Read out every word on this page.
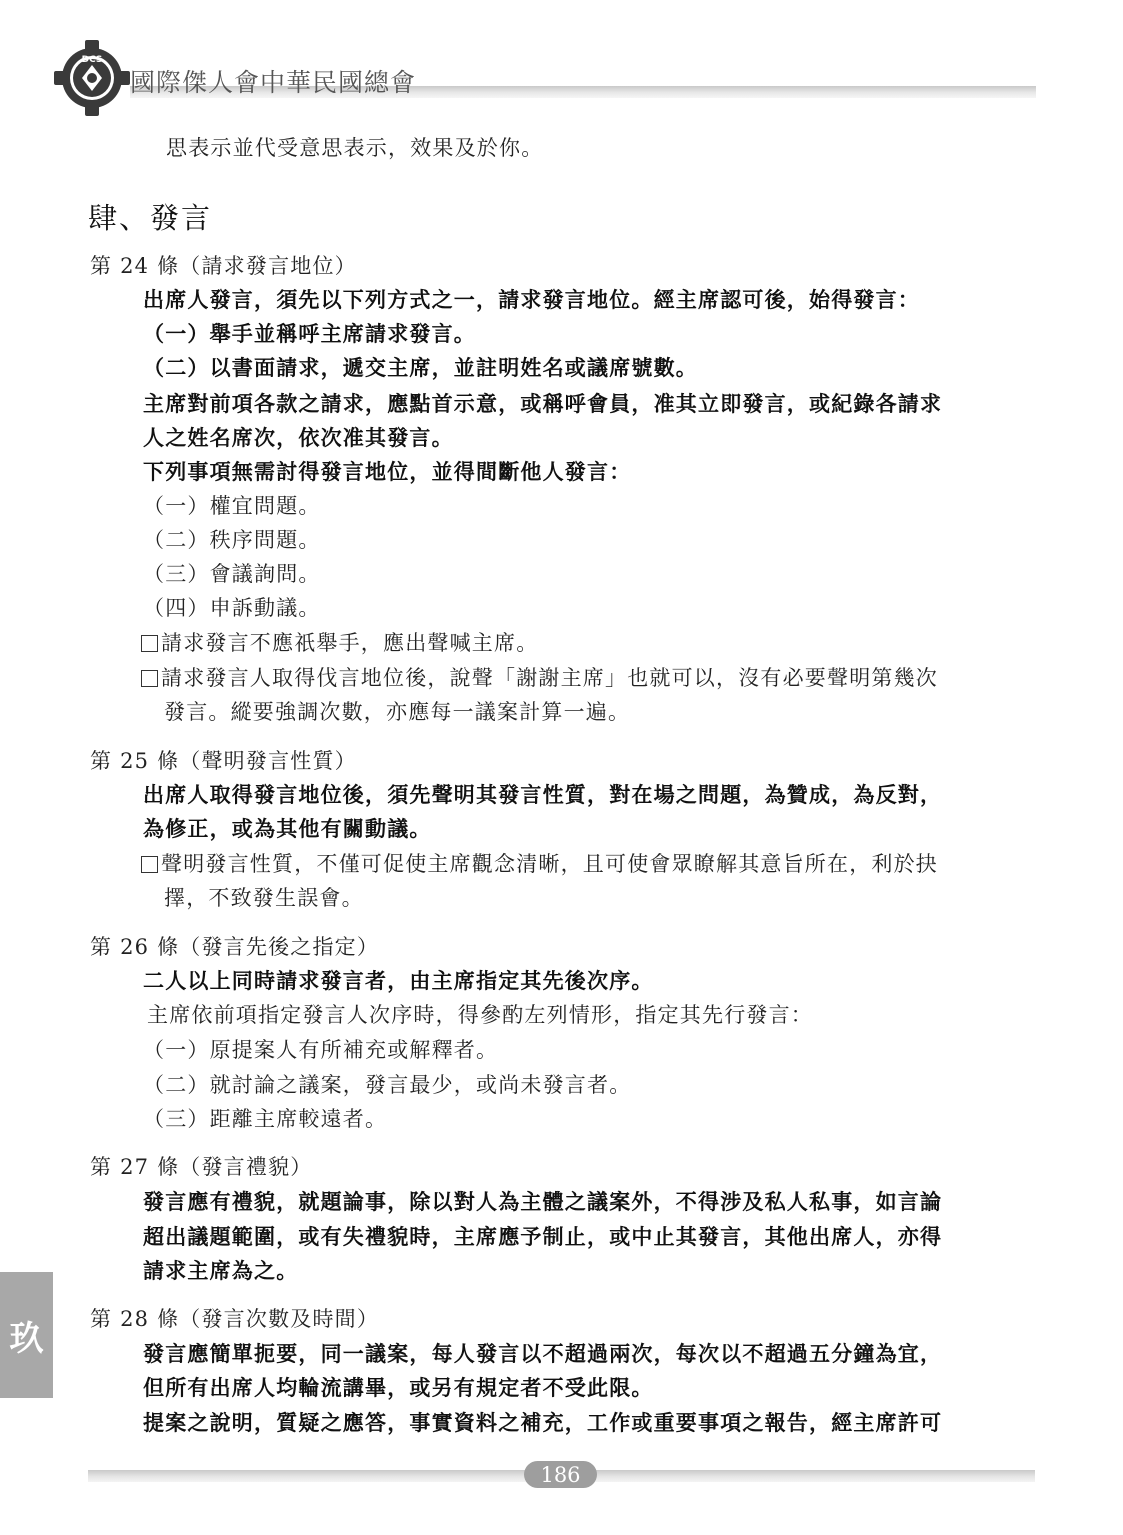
DCS
國際傑人會中華民國總會
思表示並代受意思表示，效果及於你。
肆、發言
第 24 條（請求發言地位）
出席人發言，須先以下列方式之一，請求發言地位。經主席認可後，始得發言：
（一）舉手並稱呼主席請求發言。
（二）以書面請求，遞交主席，並註明姓名或議席號數。
主席對前項各款之請求，應點首示意，或稱呼會員，准其立即發言，或紀錄各請求
人之姓名席次，依次准其發言。
下列事項無需討得發言地位，並得間斷他人發言：
（一）權宜問題。
（二）秩序問題。
（三）會議詢問。
（四）申訴動議。
請求發言不應祇舉手，應出聲喊主席。
請求發言人取得伐言地位後，說聲「謝謝主席」也就可以，沒有必要聲明第幾次
發言。縱要強調次數，亦應每一議案計算一遍。
第 25 條（聲明發言性質）
出席人取得發言地位後，須先聲明其發言性質，對在場之問題，為贊成，為反對，
為修正，或為其他有關動議。
聲明發言性質，不僅可促使主席觀念清晰，且可使會眾瞭解其意旨所在，利於抉
擇，不致發生誤會。
第 26 條（發言先後之指定）
二人以上同時請求發言者，由主席指定其先後次序。
主席依前項指定發言人次序時，得參酌左列情形，指定其先行發言：
（一）原提案人有所補充或解釋者。
（二）就討論之議案，發言最少，或尚未發言者。
（三）距離主席較遠者。
第 27 條（發言禮貌）
發言應有禮貌，就題論事，除以對人為主體之議案外，不得涉及私人私事，如言論
超出議題範圍，或有失禮貌時，主席應予制止，或中止其發言，其他出席人，亦得
請求主席為之。
第 28 條（發言次數及時間）
發言應簡單扼要，同一議案，每人發言以不超過兩次，每次以不超過五分鐘為宜，
但所有出席人均輪流講畢，或另有規定者不受此限。
提案之說明，質疑之應答，事實資料之補充，工作或重要事項之報告，經主席許可
玖
186
